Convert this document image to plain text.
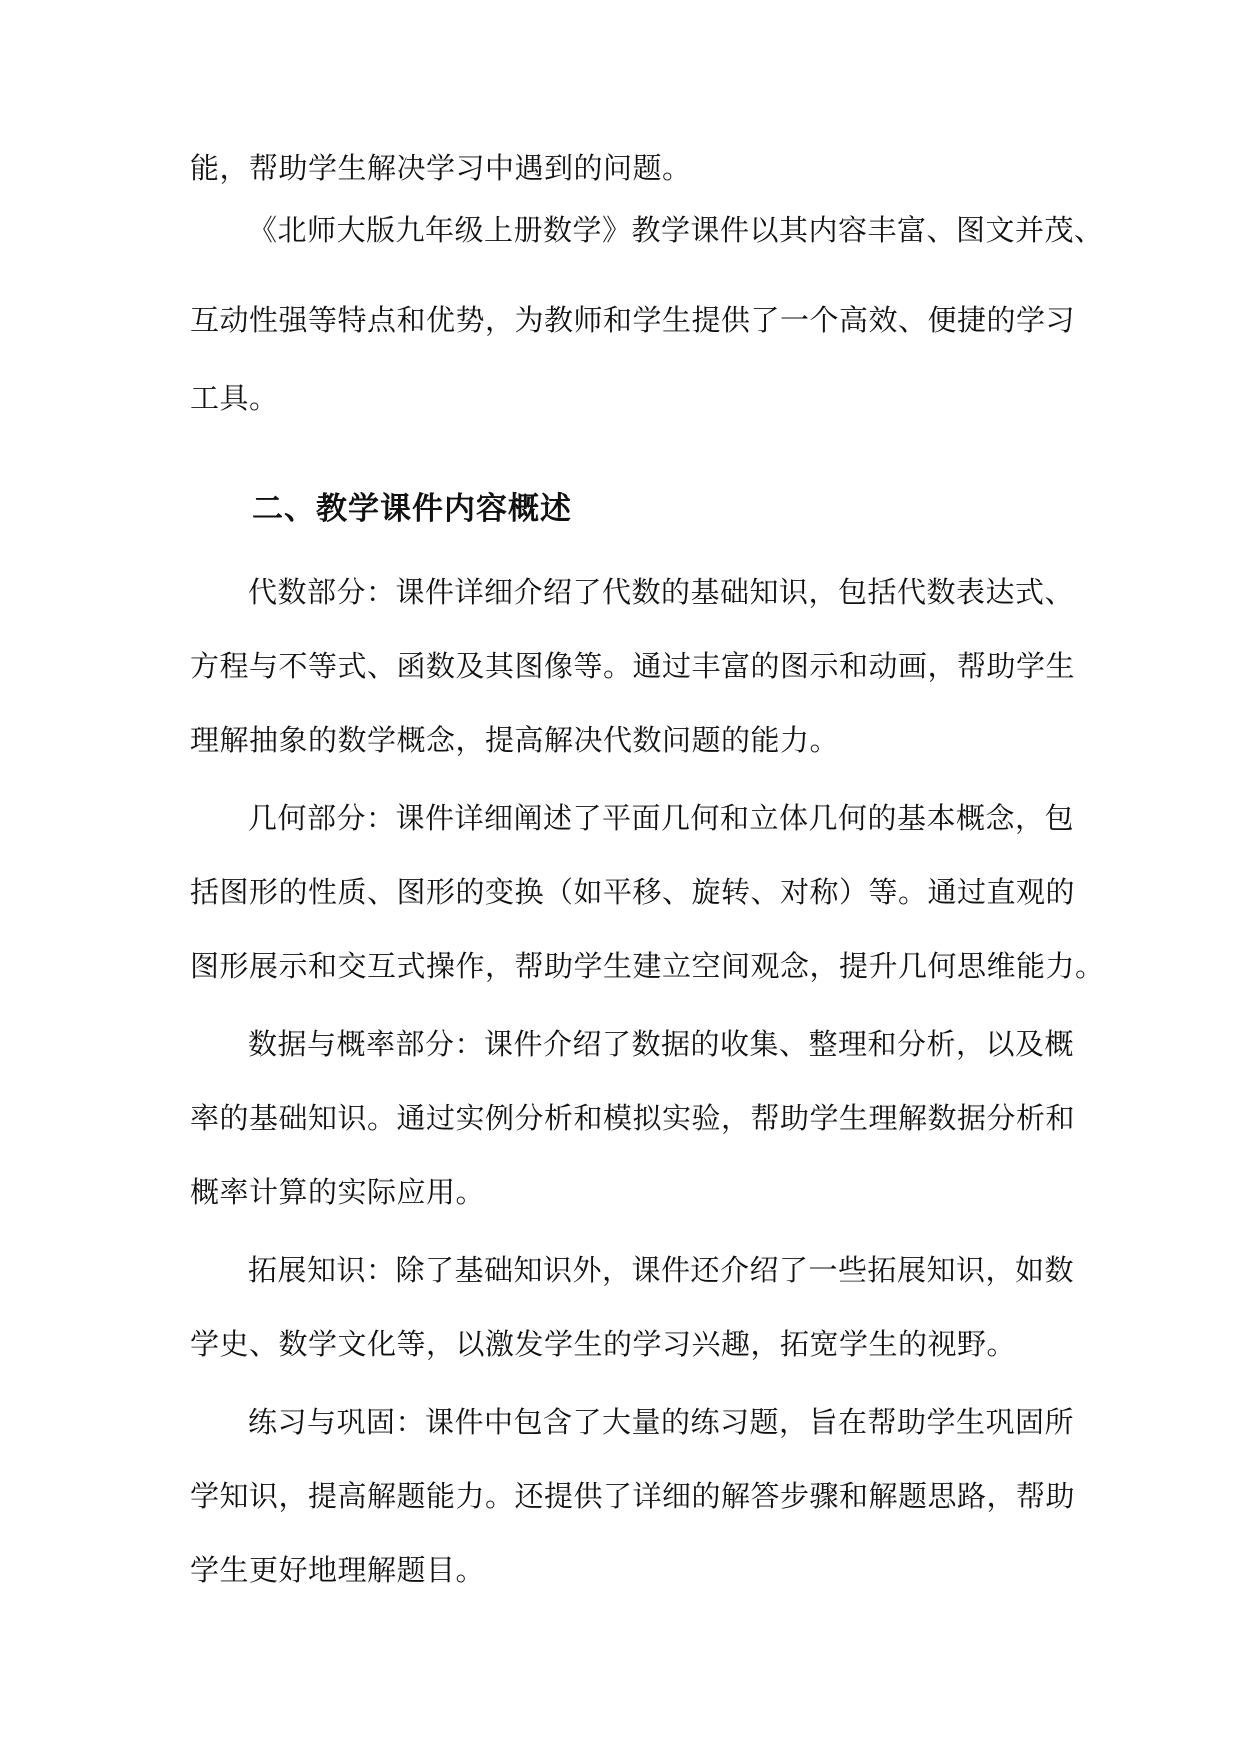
能，帮助学生解决学习中遇到的问题。
《北师大版九年级上册数学》教学课件以其内容丰富、图文并茂、
互动性强等特点和优势，为教师和学生提供了一个高效、便捷的学习
工具。
二、教学课件内容概述
代数部分：课件详细介绍了代数的基础知识，包括代数表达式、
方程与不等式、函数及其图像等。通过丰富的图示和动画，帮助学生
理解抽象的数学概念，提高解决代数问题的能力。
几何部分：课件详细阐述了平面几何和立体几何的基本概念，包
括图形的性质、图形的变换（如平移、旋转、对称）等。通过直观的
图形展示和交互式操作，帮助学生建立空间观念，提升几何思维能力。
数据与概率部分：课件介绍了数据的收集、整理和分析，以及概
率的基础知识。通过实例分析和模拟实验，帮助学生理解数据分析和
概率计算的实际应用。
拓展知识：除了基础知识外，课件还介绍了一些拓展知识，如数
学史、数学文化等，以激发学生的学习兴趣，拓宽学生的视野。
练习与巩固：课件中包含了大量的练习题，旨在帮助学生巩固所
学知识，提高解题能力。还提供了详细的解答步骤和解题思路，帮助
学生更好地理解题目。
